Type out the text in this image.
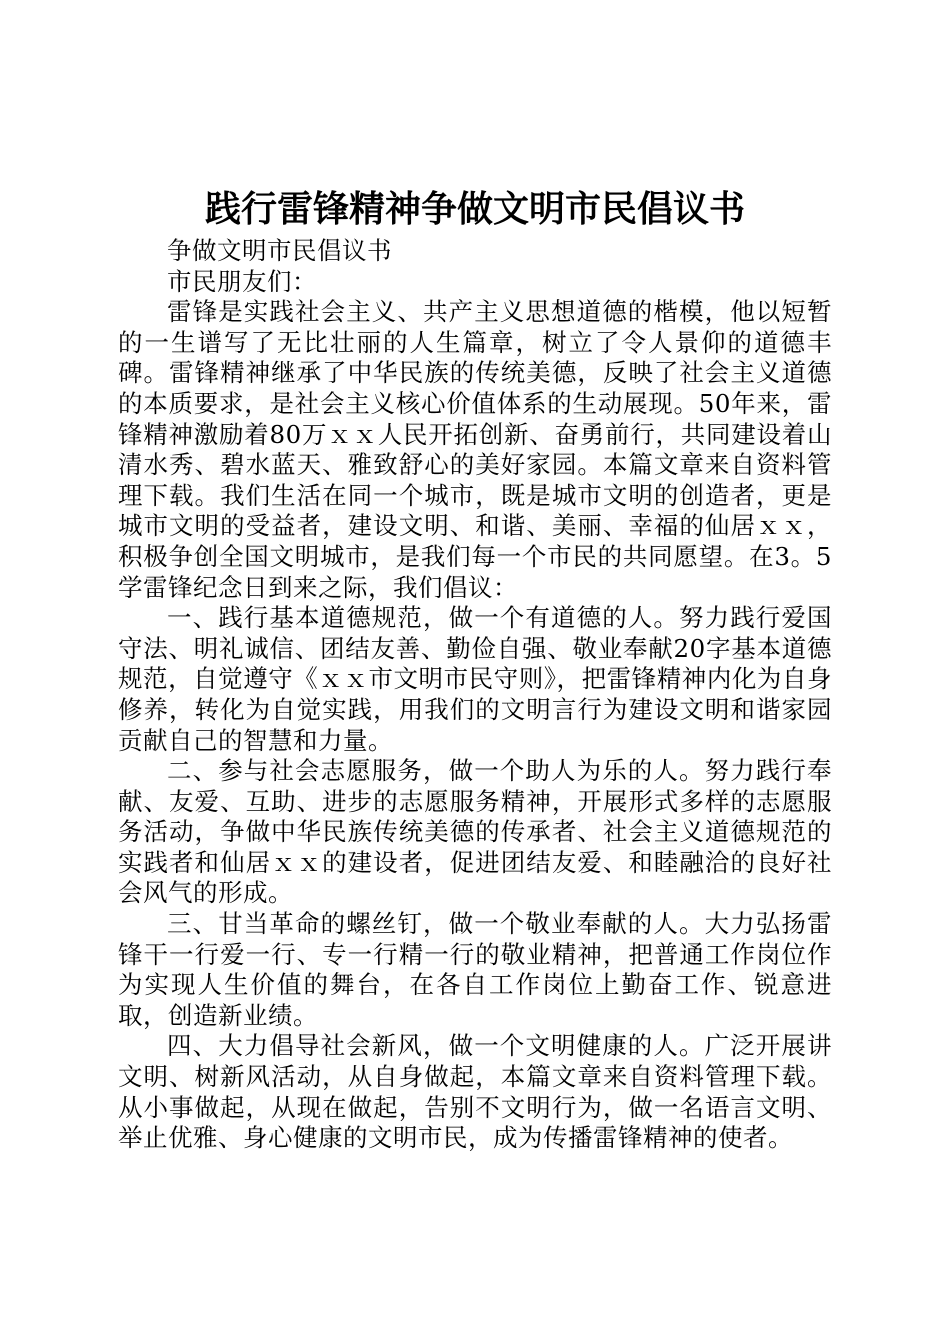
践行雷锋精神争做文明市民倡议书

争做文明市民倡议书

市民朋友们：

雷锋是实践社会主义、共产主义思想道德的楷模，他以短暂的一生谱写了无比壮丽的人生篇章，树立了令人景仰的道德丰碑。雷锋精神继承了中华民族的传统美德，反映了社会主义道德的本质要求，是社会主义核心价值体系的生动展现。50年来，雷锋精神激励着80万ｘｘ人民开拓创新、奋勇前行，共同建设着山清水秀、碧水蓝天、雅致舒心的美好家园。本篇文章来自资料管理下载。我们生活在同一个城市，既是城市文明的创造者，更是城市文明的受益者，建设文明、和谐、美丽、幸福的仙居ｘｘ，积极争创全国文明城市，是我们每一个市民的共同愿望。在3。5学雷锋纪念日到来之际，我们倡议：

一、践行基本道德规范，做一个有道德的人。努力践行爱国守法、明礼诚信、团结友善、勤俭自强、敬业奉献20字基本道德规范，自觉遵守《ｘｘ市文明市民守则》，把雷锋精神内化为自身修养，转化为自觉实践，用我们的文明言行为建设文明和谐家园贡献自己的智慧和力量。

二、参与社会志愿服务，做一个助人为乐的人。努力践行奉献、友爱、互助、进步的志愿服务精神，开展形式多样的志愿服务活动，争做中华民族传统美德的传承者、社会主义道德规范的实践者和仙居ｘｘ的建设者，促进团结友爱、和睦融洽的良好社会风气的形成。

三、甘当革命的螺丝钉，做一个敬业奉献的人。大力弘扬雷锋干一行爱一行、专一行精一行的敬业精神，把普通工作岗位作为实现人生价值的舞台，在各自工作岗位上勤奋工作、锐意进取，创造新业绩。

四、大力倡导社会新风，做一个文明健康的人。广泛开展讲文明、树新风活动，从自身做起，本篇文章来自资料管理下载。从小事做起，从现在做起，告别不文明行为，做一名语言文明、举止优雅、身心健康的文明市民，成为传播雷锋精神的使者。
